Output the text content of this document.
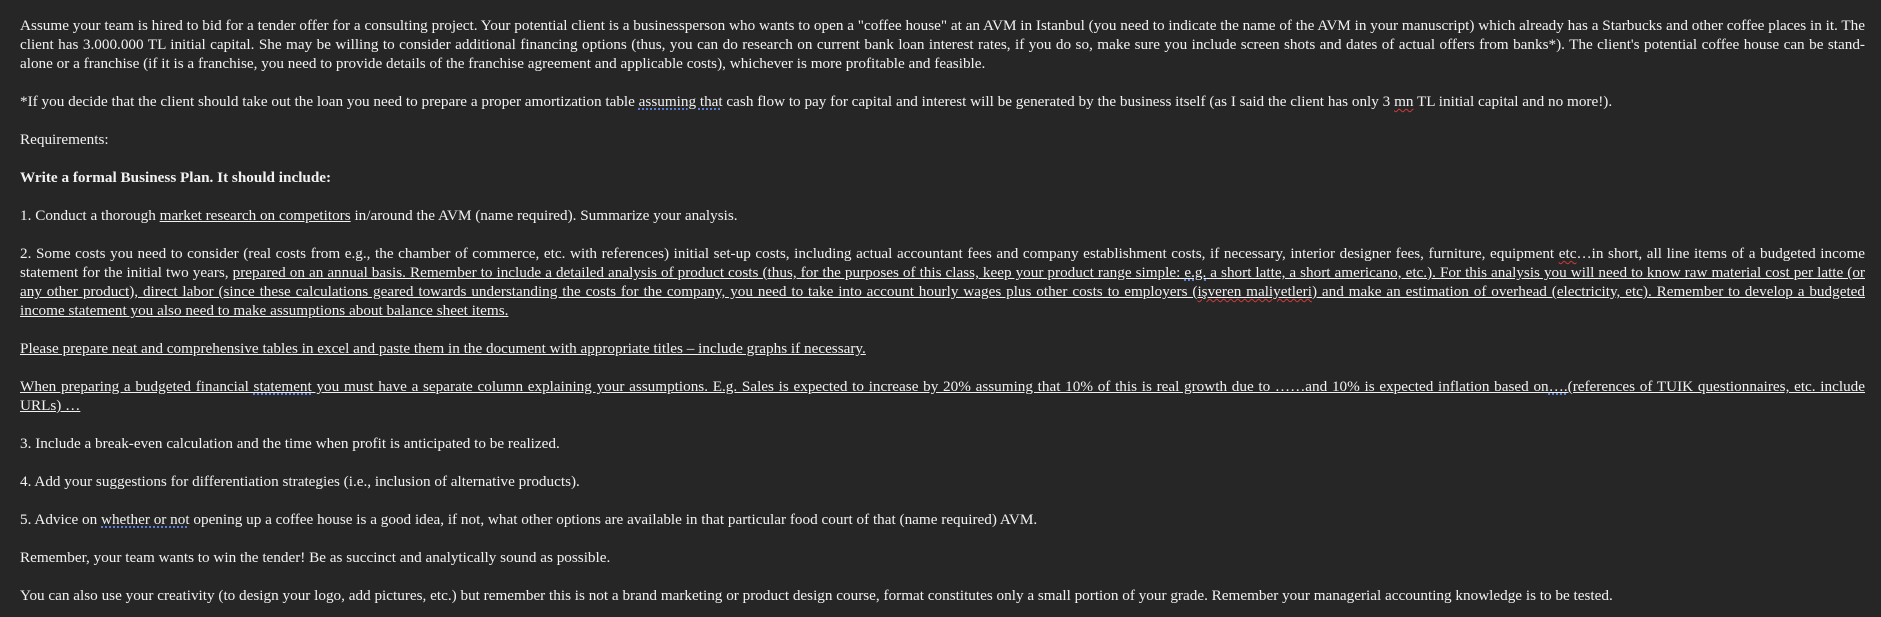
Assume your team is hired to bid for a tender offer for a consulting project. Your potential client is a businessperson who wants to open a "coffee house" at an AVM in Istanbul (you need to indicate the name of the AVM in your manuscript) which already has a Starbucks and other coffee places in it. The client has 3.000.000 TL initial capital. She may be willing to consider additional financing options (thus, you can do research on current bank loan interest rates, if you do so, make sure you include screen shots and dates of actual offers from banks*). The client's potential coffee house can be stand-alone or a franchise (if it is a franchise, you need to provide details of the franchise agreement and applicable costs), whichever is more profitable and feasible.

*If you decide that the client should take out the loan you need to prepare a proper amortization table assuming that cash flow to pay for capital and interest will be generated by the business itself (as I said the client has only 3 mn TL initial capital and no more!).

Requirements:

Write a formal Business Plan. It should include:

1. Conduct a thorough market research on competitors in/around the AVM (name required). Summarize your analysis.

2. Some costs you need to consider (real costs from e.g., the chamber of commerce, etc. with references) initial set-up costs, including actual accountant fees and company establishment costs, if necessary, interior designer fees, furniture, equipment etc…in short, all line items of a budgeted income statement for the initial two years, prepared on an annual basis. Remember to include a detailed analysis of product costs (thus, for the purposes of this class, keep your product range simple: e.g. a short latte, a short americano, etc.). For this analysis you will need to know raw material cost per latte (or any other product), direct labor (since these calculations geared towards understanding the costs for the company, you need to take into account hourly wages plus other costs to employers (işveren maliyetleri) and make an estimation of overhead (electricity, etc). Remember to develop a budgeted income statement you also need to make assumptions about balance sheet items.

Please prepare neat and comprehensive tables in excel and paste them in the document with appropriate titles – include graphs if necessary.

When preparing a budgeted financial statement you must have a separate column explaining your assumptions. E.g. Sales is expected to increase by 20% assuming that 10% of this is real growth due to ……and 10% is expected inflation based on….(references of TUIK questionnaires, etc. include URLs) …

3. Include a break-even calculation and the time when profit is anticipated to be realized.

4. Add your suggestions for differentiation strategies (i.e., inclusion of alternative products).

5. Advice on whether or not opening up a coffee house is a good idea, if not, what other options are available in that particular food court of that (name required) AVM.

Remember, your team wants to win the tender! Be as succinct and analytically sound as possible.

You can also use your creativity (to design your logo, add pictures, etc.) but remember this is not a brand marketing or product design course, format constitutes only a small portion of your grade. Remember your managerial accounting knowledge is to be tested.
